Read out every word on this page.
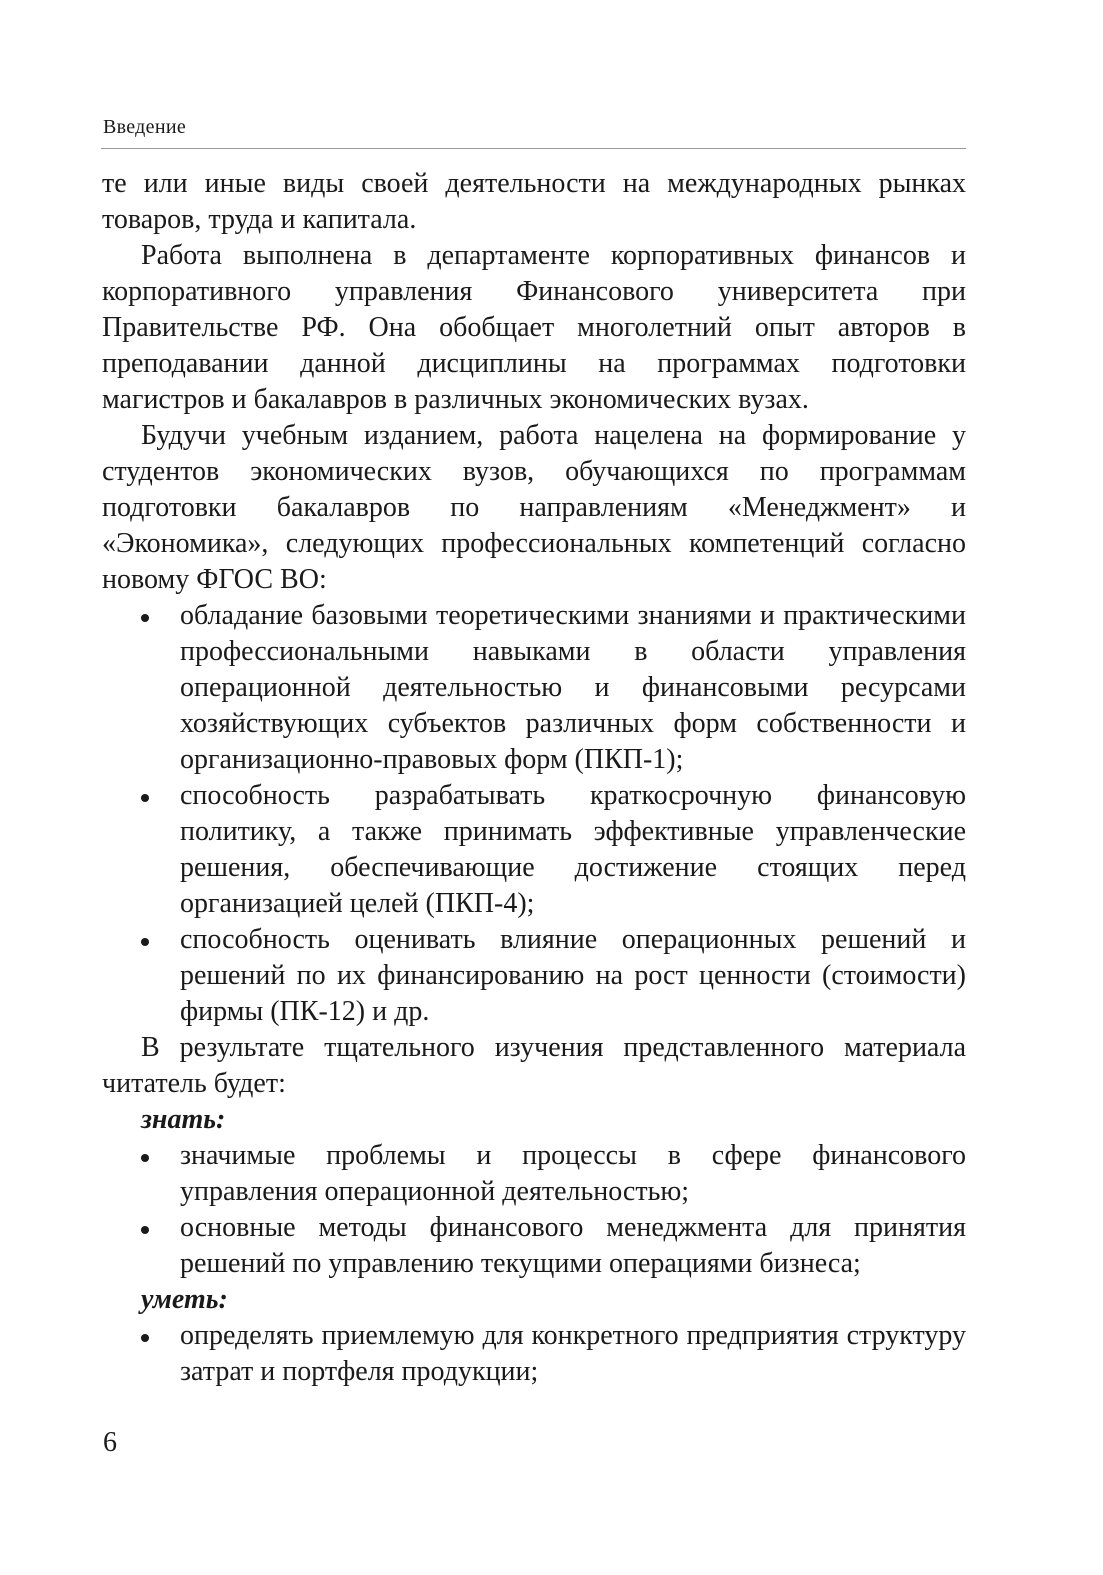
Введение

те или иные виды своей деятельности на международных рынках товаров, труда и капитала.

Работа выполнена в департаменте корпоративных финансов и корпоративного управления Финансового университета при Правительстве РФ. Она обобщает многолетний опыт авторов в преподавании данной дисциплины на программах подготовки магистров и бакалавров в различных экономических вузах.

Будучи учебным изданием, работа нацелена на формирование у студентов экономических вузов, обучающихся по программам подготовки бакалавров по направлениям «Менеджмент» и «Экономика», следующих профессиональных компетенций согласно новому ФГОС ВО:

обладание базовыми теоретическими знаниями и практическими профессиональными навыками в области управления операционной деятельностью и финансовыми ресурсами хозяйствующих субъектов различных форм собственности и организационно-правовых форм (ПКП-1);
способность разрабатывать краткосрочную финансовую политику, а также принимать эффективные управленческие решения, обеспечивающие достижение стоящих перед организацией целей (ПКП-4);
способность оценивать влияние операционных решений и решений по их финансированию на рост ценности (стоимости) фирмы (ПК-12) и др.

В результате тщательного изучения представленного материала читатель будет:

знать:

значимые проблемы и процессы в сфере финансового управления операционной деятельностью;
основные методы финансового менеджмента для принятия решений по управлению текущими операциями бизнеса;

уметь:

определять приемлемую для конкретного предприятия структуру затрат и портфеля продукции;
6
